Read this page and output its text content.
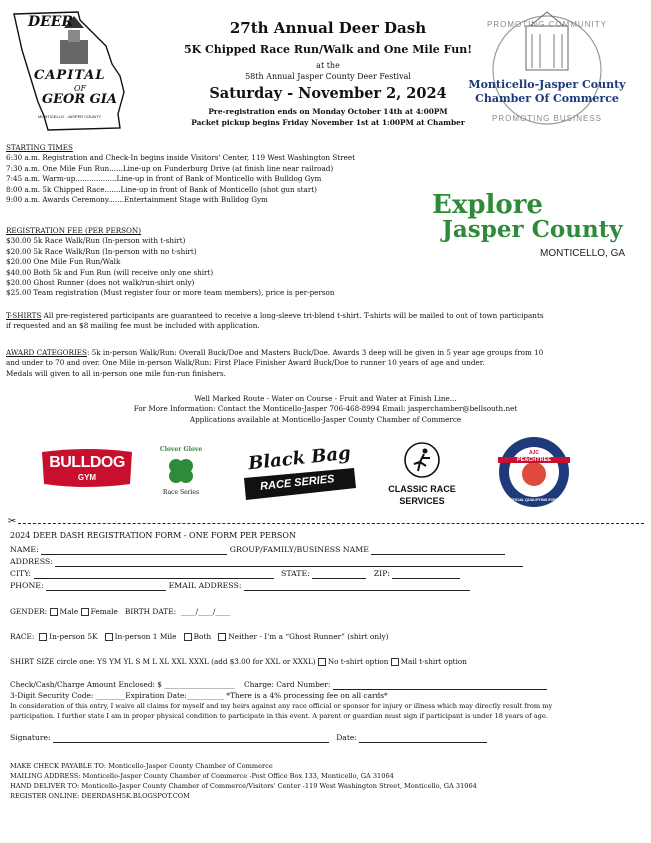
DEER
CAPITAL
OF
GEOR GIA
MONTICELLO · JASPER COUNTY
27th Annual Deer Dash
5K Chipped Race Run/Walk and One Mile Fun!
at the
58th Annual Jasper County Deer Festival
Saturday - November 2, 2024
Pre-registration ends on Monday October 14th at 4:00PM
Packet pickup begins Friday November 1st at 1:00PM at Chamber
PROMOTING COMMUNITY
Monticello-Jasper County
Chamber Of Commerce
PROMOTING BUSINESS
STARTING TIMES
6:30 a.m. Registration and Check-In begins inside Visitors' Center, 119 West Washington Street
7:30 a.m. One Mile Fun Run......Line-up on Funderburg Drive (at finish line near railroad)
7:45 a.m. Warm-up..................Line-up in front of Bank of Monticello with Bulldog Gym
8:00 a.m. 5k Chipped Race.......Line-up in front of Bank of Monticello (shot gun start)
9:00 a.m. Awards Ceremony.......Entertainment Stage with Bulldog Gym	Explore
Jasper County
MONTICELLO, GA
REGISTRATION FEE (PER PERSON)
$30.00 5k Race Walk/Run (In-person with t-shirt)
$20.00 5k Race Walk/Run (In-person with no t-shirt)
$20.00 One Mile Fun Run/Walk
$40.00 Both 5k and Fun Run (will receive only one shirt)
$20.00 Ghost Runner (does not walk/run-shirt only)
$25.00 Team registration (Must register four or more team members), price is per-person
T-SHIRTS All pre-registered participants are guaranteed to receive a long-sleeve tri-blend t-shirt. T-shirts will be mailed to out of town participants
if requested and an $8 mailing fee must be included with application.
AWARD CATEGORIES: 5k in-person Walk/Run: Overall Buck/Doe and Masters Buck/Doe. Awards 3 deep will be given in 5 year age groups from 10
and under to 70 and over. One Mile in-person Walk/Run: First Place Finisher Award Buck/Doe to runner 10 years of age and under.
Medals will given to all in-person one mile fun-run finishers.
Well Marked Route - Water on Course - Fruit and Water at Finish Line...
For More Information: Contact the Monticello-Jasper 706-468-8994 Email: jasperchamber@bellsouth.net
Applications available at Monticello-Jasper County Chamber of Commerce
BULLDOG
GYM
Clover Glove
Race Series
Black Bag
RACE SERIES	CLASSIC RACE
SERVICES
AJC
PEACHTREE
OFFICIAL QUALIFYING EVENT
✂
2024 DEER DASH REGISTRATION FORM - ONE FORM PER PERSON
NAME:	GROUP/FAMILY/BUSINESS NAME
ADDRESS:
CITY:	STATE:	ZIP:
PHONE:	EMAIL ADDRESS:
GENDER: Male Female BIRTH DATE: ____/____/____
RACE: In-person 5K In-person 1 Mile Both Neither - I'm a “Ghost Runner” (shirt only)
SHIRT SIZE circle one: YS YM YL S M L XL XXL XXXL (add $3.00 for XXL or XXXL) No t-shirt option Mail t-shirt option
Check/Cash/Charge Amount Enclosed: $ ___________________ Charge: Card Number:
3-Digit Security Code: ________Expiration Date:__________ *There is a 4% processing fee on all cards*
In consideration of this entry, I waive all claims for myself and my heirs against any race official or sponsor for injury or illness which may directly result from my
participation. I further state I am in proper physical condition to participate in this event. A parent or guardian must sign if participant is under 18 years of age.
Signature:	Date:
MAKE CHECK PAYABLE TO: Monticello-Jasper County Chamber of Commerce
MAILING ADDRESS: Monticello-Jasper County Chamber of Commerce -Post Office Box 133, Monticello, GA 31064
HAND DELIVER TO: Monticello-Jasper County Chamber of Commerce/Visitors' Center -119 West Washington Street, Monticello, GA 31064
REGISTER ONLINE: DEERDASH5K.BLOGSPOT.COM
